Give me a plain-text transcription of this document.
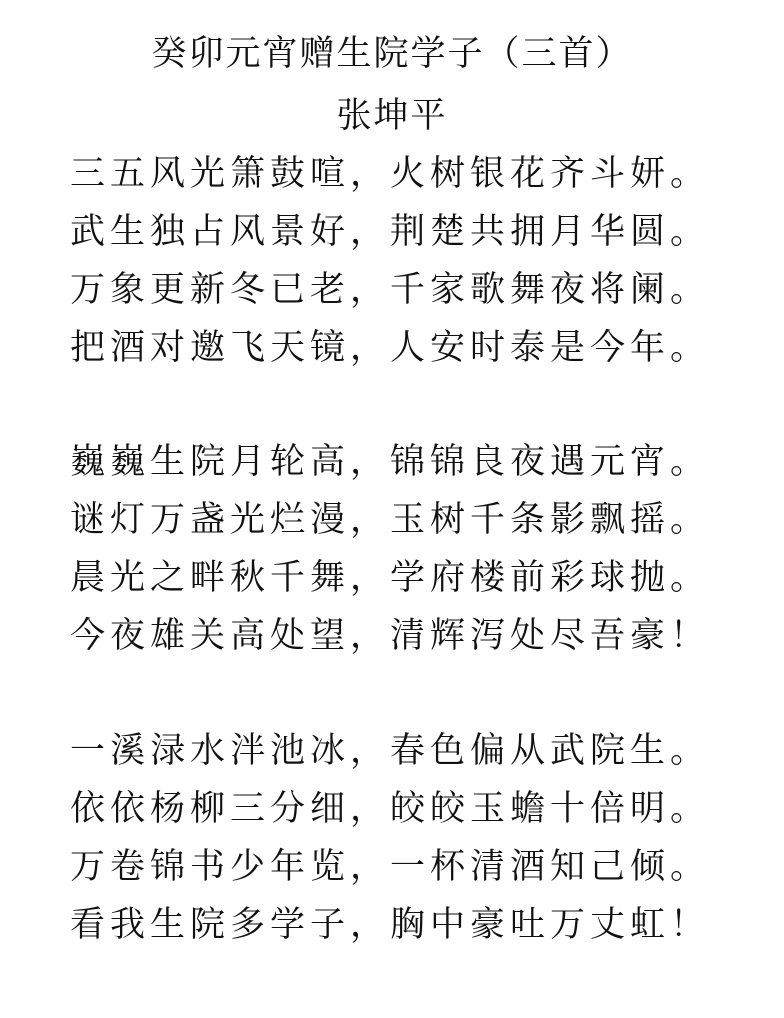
癸卯元宵赠生院学子（三首）
张坤平
三五风光箫鼓喧，火树银花齐斗妍。
武生独占风景好，荆楚共拥月华圆。
万象更新冬已老，千家歌舞夜将阑。
把酒对邀飞天镜，人安时泰是今年。
巍巍生院月轮高，锦锦良夜遇元宵。
谜灯万盏光烂漫，玉树千条影飘摇。
晨光之畔秋千舞，学府楼前彩球抛。
今夜雄关高处望，清辉泻处尽吾豪！
一溪渌水泮池冰，春色偏从武院生。
依依杨柳三分细，皎皎玉蟾十倍明。
万卷锦书少年览，一杯清酒知己倾。
看我生院多学子，胸中豪吐万丈虹！
